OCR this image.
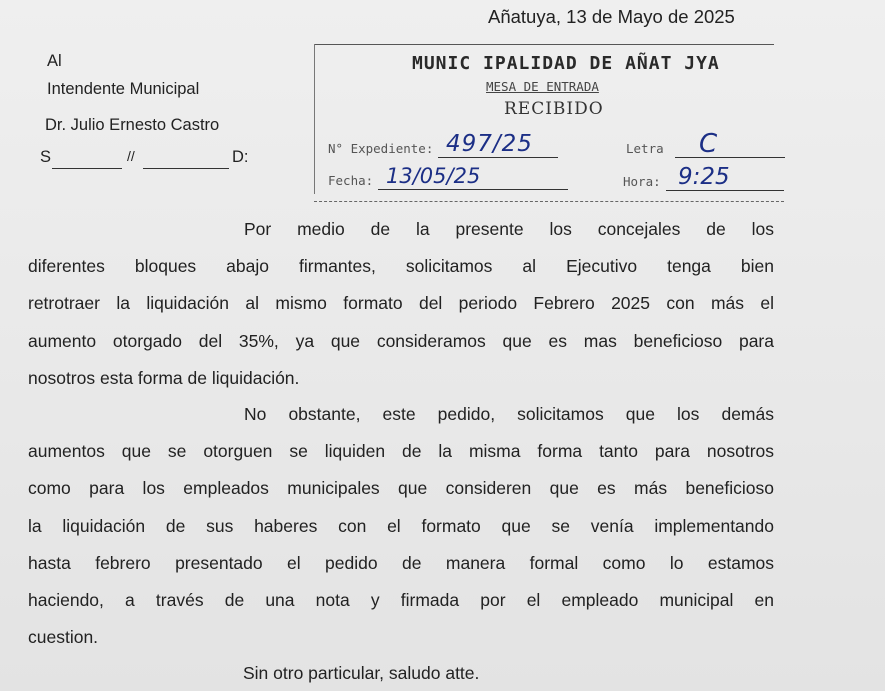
Añatuya, 13 de Mayo de 2025
Al
Intendente Municipal
Dr. Julio Ernesto Castro
S	//	D:
MUNIC IPALIDAD DE AÑAT JYA
MESA DE ENTRADA
RECIBIDO
N° Expediente: 497/25	Letra C
Fecha: 13/05/25	Hora: 9:25
Por medio de la presente los concejales de los
diferentes bloques abajo firmantes, solicitamos al Ejecutivo tenga bien
retrotraer la liquidación al mismo formato del periodo Febrero 2025 con más el
aumento otorgado del 35%, ya que consideramos que es mas beneficioso para
nosotros esta forma de liquidación.
No obstante, este pedido, solicitamos que los demás
aumentos que se otorguen se liquiden de la misma forma tanto para nosotros
como para los empleados municipales que consideren que es más beneficioso
la liquidación de sus haberes con el formato que se venía implementando
hasta febrero presentado el pedido de manera formal como lo estamos
haciendo, a través de una nota y firmada por el empleado municipal en
cuestion.
Sin otro particular, saludo atte.
